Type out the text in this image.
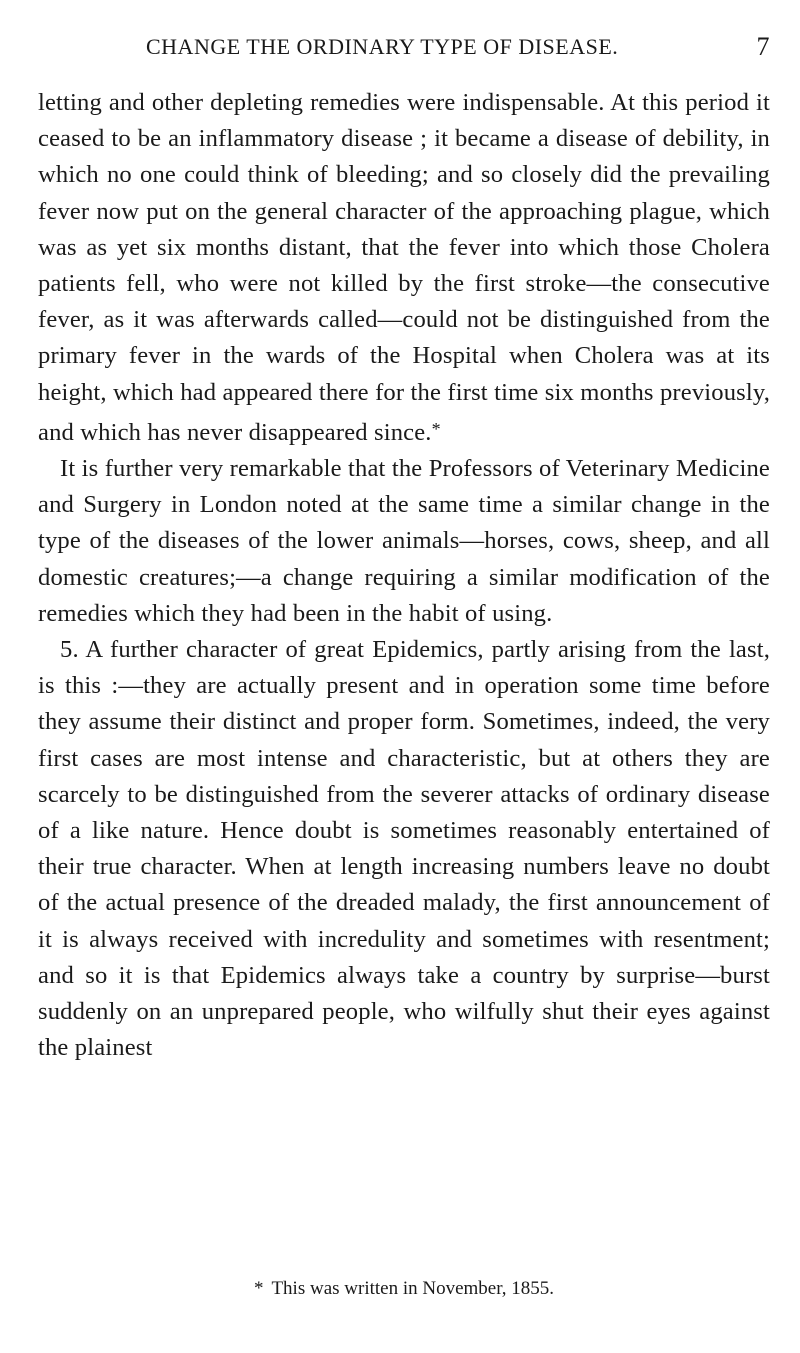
CHANGE THE ORDINARY TYPE OF DISEASE.	7

letting and other depleting remedies were indispensable. At this period it ceased to be an inflammatory disease ; it became a disease of debility, in which no one could think of bleeding; and so closely did the prevailing fever now put on the general character of the approaching plague, which was as yet six months distant, that the fever into which those Cholera patients fell, who were not killed by the first stroke—the consecutive fever, as it was afterwards called—could not be distinguished from the primary fever in the wards of the Hospital when Cholera was at its height, which had appeared there for the first time six months previously, and which has never disappeared since.*

It is further very remarkable that the Professors of Veterinary Medicine and Surgery in London noted at the same time a similar change in the type of the diseases of the lower animals—horses, cows, sheep, and all domestic creatures;—a change requiring a similar modification of the remedies which they had been in the habit of using.

5. A further character of great Epidemics, partly arising from the last, is this :—they are actually present and in operation some time before they assume their distinct and proper form. Sometimes, indeed, the very first cases are most intense and characteristic, but at others they are scarcely to be distinguished from the severer attacks of ordinary disease of a like nature. Hence doubt is sometimes reasonably entertained of their true character. When at length increasing numbers leave no doubt of the actual presence of the dreaded malady, the first announcement of it is always received with incredulity and sometimes with resentment; and so it is that Epidemics always take a country by surprise—burst suddenly on an unprepared people, who wilfully shut their eyes against the plainest

* This was written in November, 1855.
